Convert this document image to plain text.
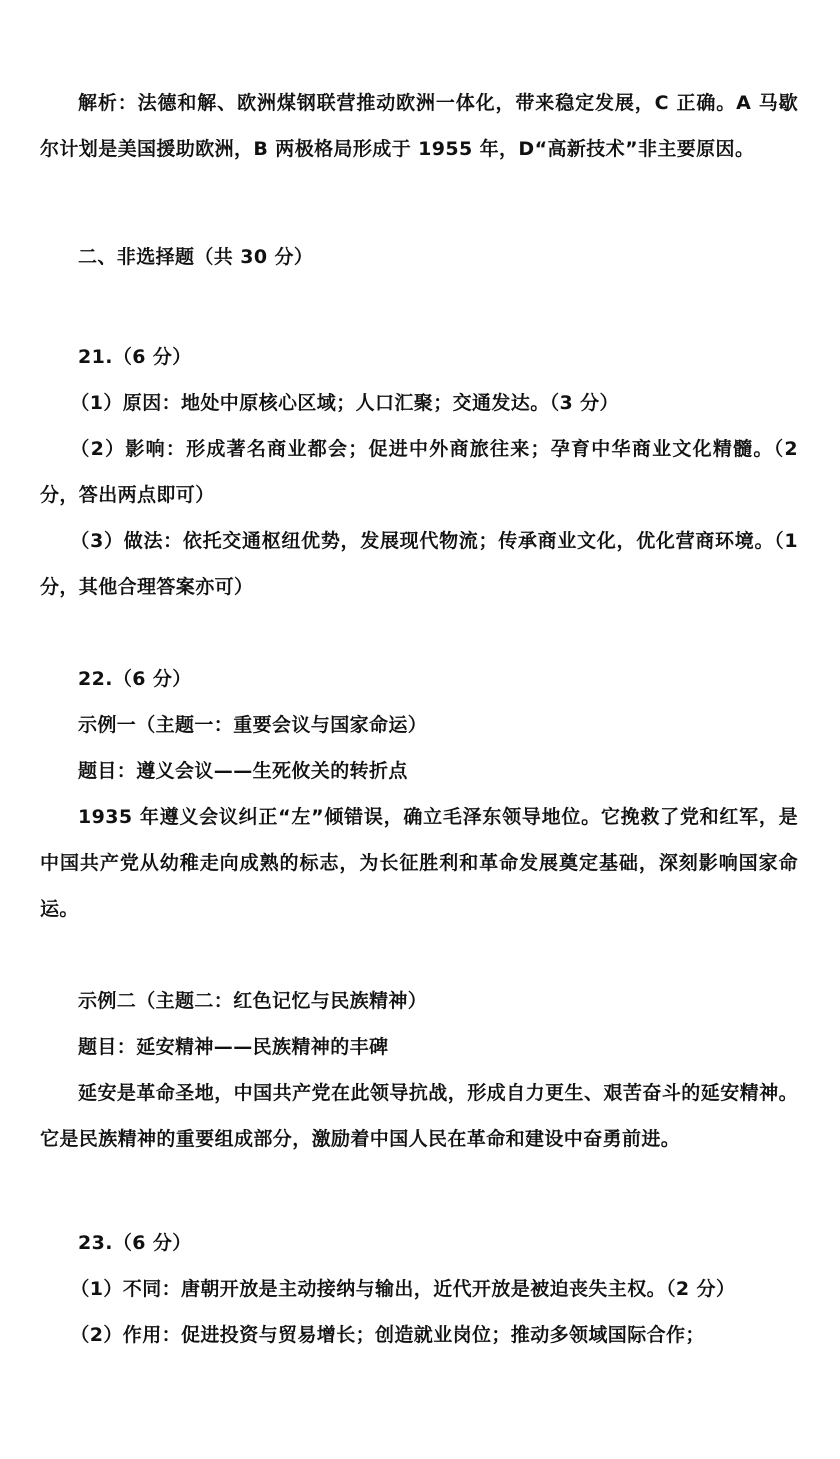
解析：法德和解、欧洲煤钢联营推动欧洲一体化，带来稳定发展，C 正确。A 马歇尔计划是美国援助欧洲，B 两极格局形成于 1955 年，D“高新技术”非主要原因。

二、非选择题（共 30 分）

21.（6 分）

（1）原因：地处中原核心区域；人口汇聚；交通发达。（3 分）

（2）影响：形成著名商业都会；促进中外商旅往来；孕育中华商业文化精髓。（2 分，答出两点即可）

（3）做法：依托交通枢纽优势，发展现代物流；传承商业文化，优化营商环境。（1 分，其他合理答案亦可）

22.（6 分）

示例一（主题一：重要会议与国家命运）

题目：遵义会议——生死攸关的转折点

1935 年遵义会议纠正“左”倾错误，确立毛泽东领导地位。它挽救了党和红军，是中国共产党从幼稚走向成熟的标志，为长征胜利和革命发展奠定基础，深刻影响国家命运。

示例二（主题二：红色记忆与民族精神）

题目：延安精神——民族精神的丰碑

延安是革命圣地，中国共产党在此领导抗战，形成自力更生、艰苦奋斗的延安精神。它是民族精神的重要组成部分，激励着中国人民在革命和建设中奋勇前进。

23.（6 分）

（1）不同：唐朝开放是主动接纳与输出，近代开放是被迫丧失主权。（2 分）

（2）作用：促进投资与贸易增长；创造就业岗位；推动多领域国际合作；
